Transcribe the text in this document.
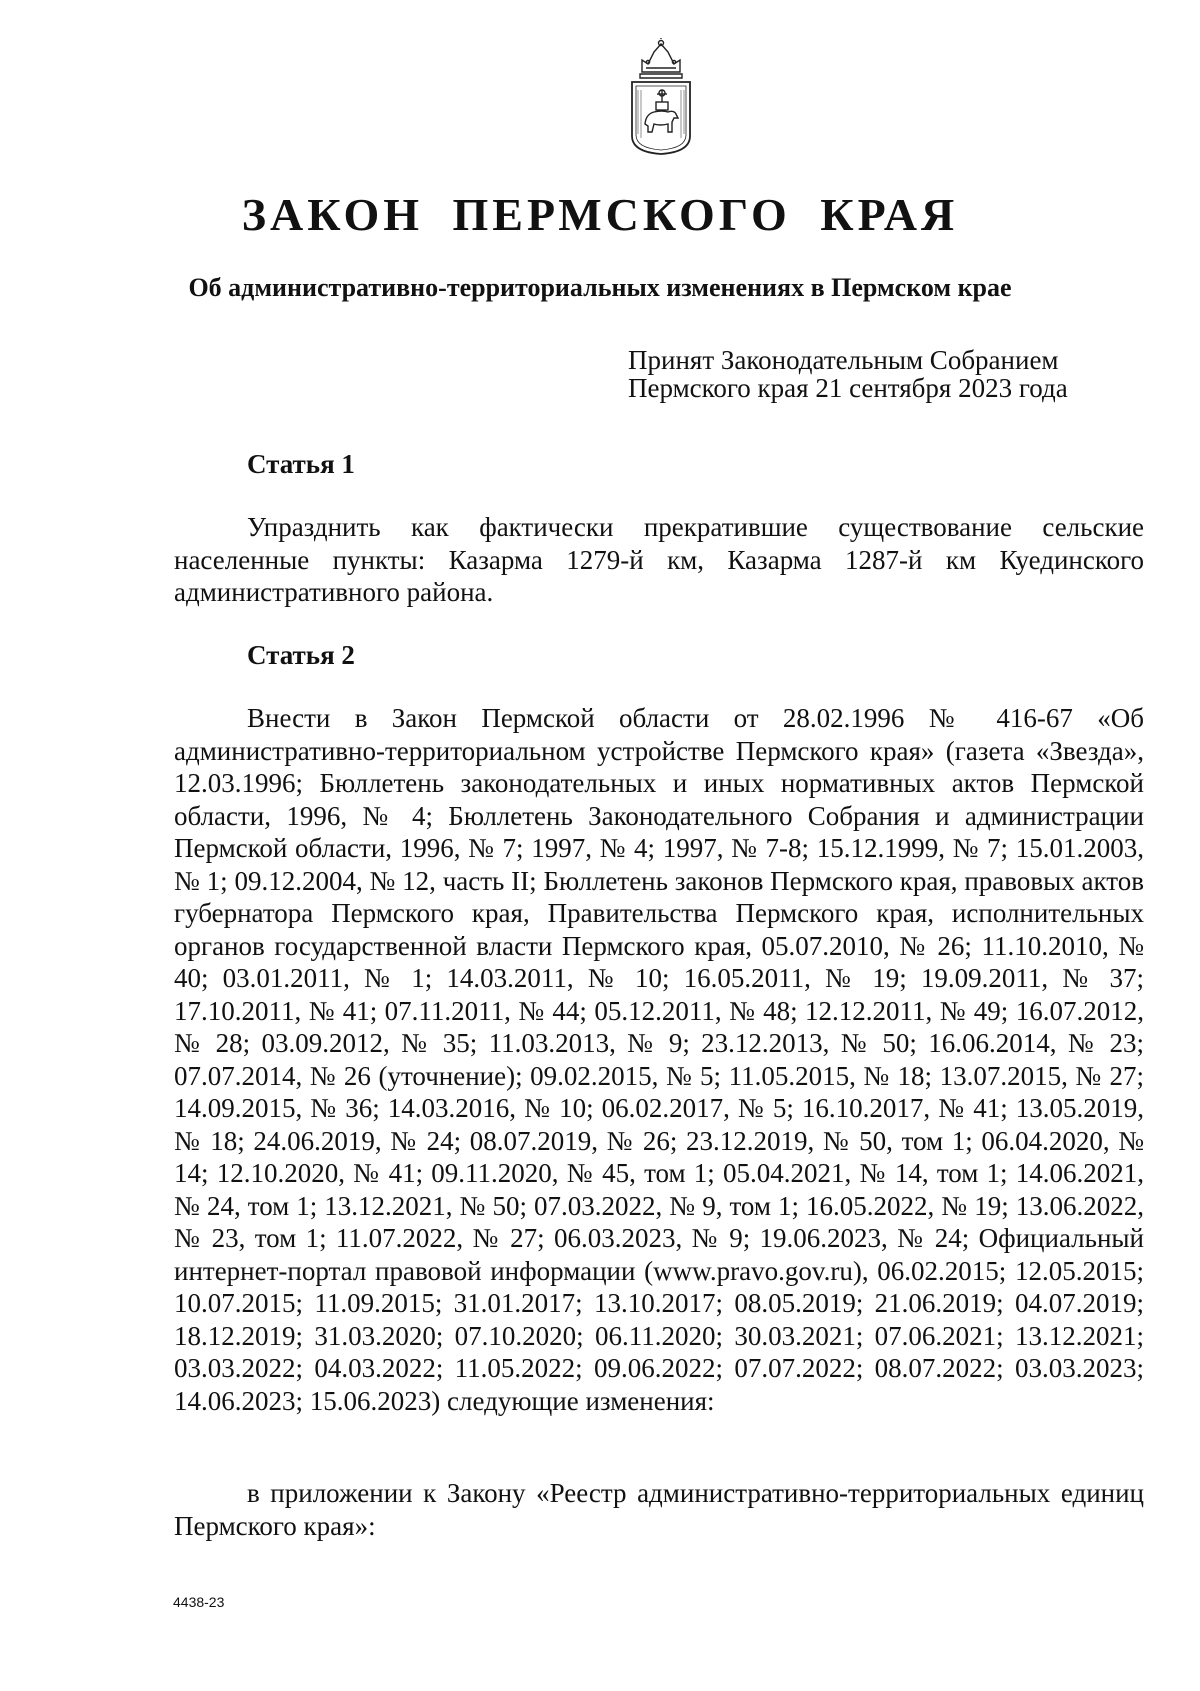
ЗАКОН ПЕРМСКОГО КРАЯ
Об административно-территориальных изменениях в Пермском крае
Принят Законодательным Собранием
Пермского края 21 сентября 2023 года
Статья 1
Упразднить как фактически прекратившие существование сельские населенные пункты: Казарма 1279-й км, Казарма 1287-й км Куединского административного района.
Статья 2
Внести в Закон Пермской области от 28.02.1996 № 416-67 «Об административно-территориальном устройстве Пермского края» (газета «Звезда», 12.03.1996; Бюллетень законодательных и иных нормативных актов Пермской области, 1996, № 4; Бюллетень Законодательного Собрания и администрации Пермской области, 1996, № 7; 1997, № 4; 1997, № 7-8; 15.12.1999, № 7; 15.01.2003, № 1; 09.12.2004, № 12, часть II; Бюллетень законов Пермского края, правовых актов губернатора Пермского края, Правительства Пермского края, исполнительных органов государственной власти Пермского края, 05.07.2010, № 26; 11.10.2010, № 40; 03.01.2011, № 1; 14.03.2011, № 10; 16.05.2011, № 19; 19.09.2011, № 37; 17.10.2011, № 41; 07.11.2011, № 44; 05.12.2011, № 48; 12.12.2011, № 49; 16.07.2012, № 28; 03.09.2012, № 35; 11.03.2013, № 9; 23.12.2013, № 50; 16.06.2014, № 23; 07.07.2014, № 26 (уточнение); 09.02.2015, № 5; 11.05.2015, № 18; 13.07.2015, № 27; 14.09.2015, № 36; 14.03.2016, № 10; 06.02.2017, № 5; 16.10.2017, № 41; 13.05.2019, № 18; 24.06.2019, № 24; 08.07.2019, № 26; 23.12.2019, № 50, том 1; 06.04.2020, № 14; 12.10.2020, № 41; 09.11.2020, № 45, том 1; 05.04.2021, № 14, том 1; 14.06.2021, № 24, том 1; 13.12.2021, № 50; 07.03.2022, № 9, том 1; 16.05.2022, № 19; 13.06.2022, № 23, том 1; 11.07.2022, № 27; 06.03.2023, № 9; 19.06.2023, № 24; Официальный интернет-портал правовой информации (www.pravo.gov.ru), 06.02.2015; 12.05.2015; 10.07.2015; 11.09.2015; 31.01.2017; 13.10.2017; 08.05.2019; 21.06.2019; 04.07.2019; 18.12.2019; 31.03.2020; 07.10.2020; 06.11.2020; 30.03.2021; 07.06.2021; 13.12.2021; 03.03.2022; 04.03.2022; 11.05.2022; 09.06.2022; 07.07.2022; 08.07.2022; 03.03.2023; 14.06.2023; 15.06.2023) следующие изменения:
в приложении к Закону «Реестр административно-территориальных единиц Пермского края»:
4438-23
